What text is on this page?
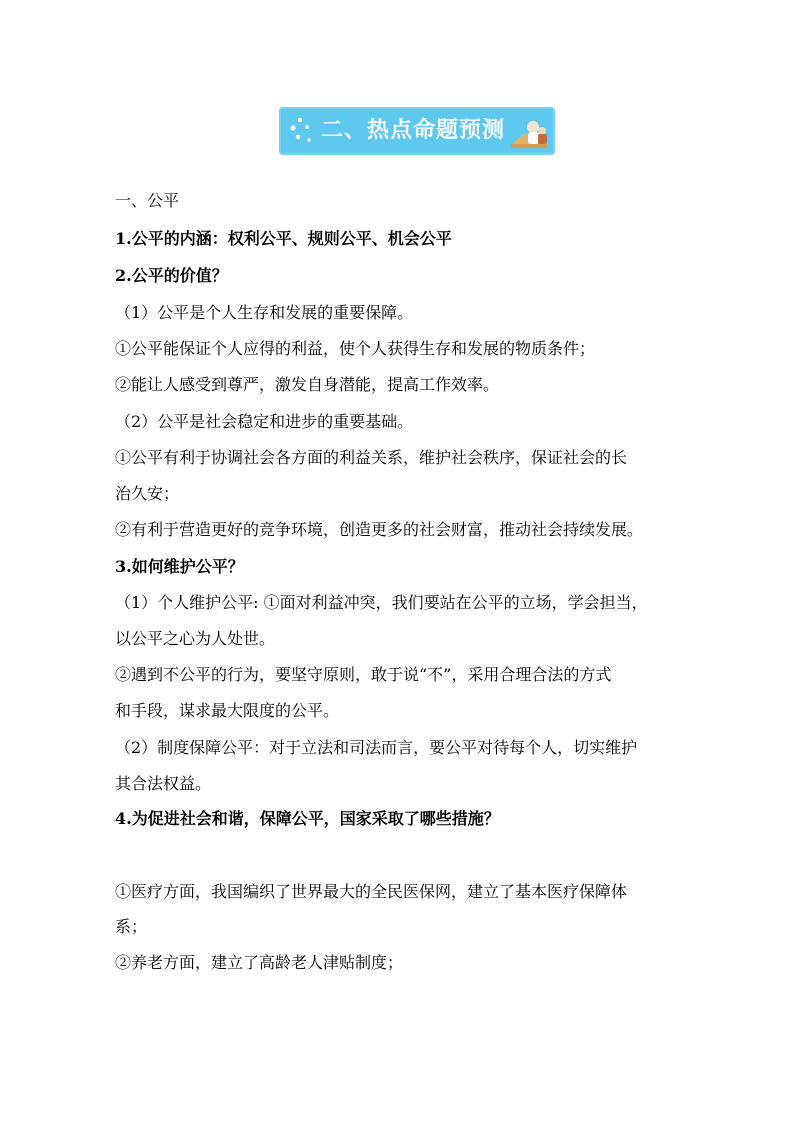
二、热点命题预测
一、公平
1.公平的内涵：权利公平、规则公平、机会公平
2.公平的价值？
（1）公平是个人生存和发展的重要保障。
①公平能保证个人应得的利益，使个人获得生存和发展的物质条件；
②能让人感受到尊严，激发自身潜能，提高工作效率。
（2）公平是社会稳定和进步的重要基础。
①公平有利于协调社会各方面的利益关系，维护社会秩序，保证社会的长
治久安；
②有利于营造更好的竞争环境，创造更多的社会财富，推动社会持续发展。
3.如何维护公平？
（1）个人维护公平: ①面对利益冲突，我们要站在公平的立场，学会担当，
以公平之心为人处世。
②遇到不公平的行为，要坚守原则，敢于说“不”，采用合理合法的方式
和手段，谋求最大限度的公平。
（2）制度保障公平：对于立法和司法而言，要公平对待每个人，切实维护
其合法权益。
4.为促进社会和谐，保障公平，国家采取了哪些措施？
①医疗方面，我国编织了世界最大的全民医保网，建立了基本医疗保障体
系；
②养老方面，建立了高龄老人津贴制度；
